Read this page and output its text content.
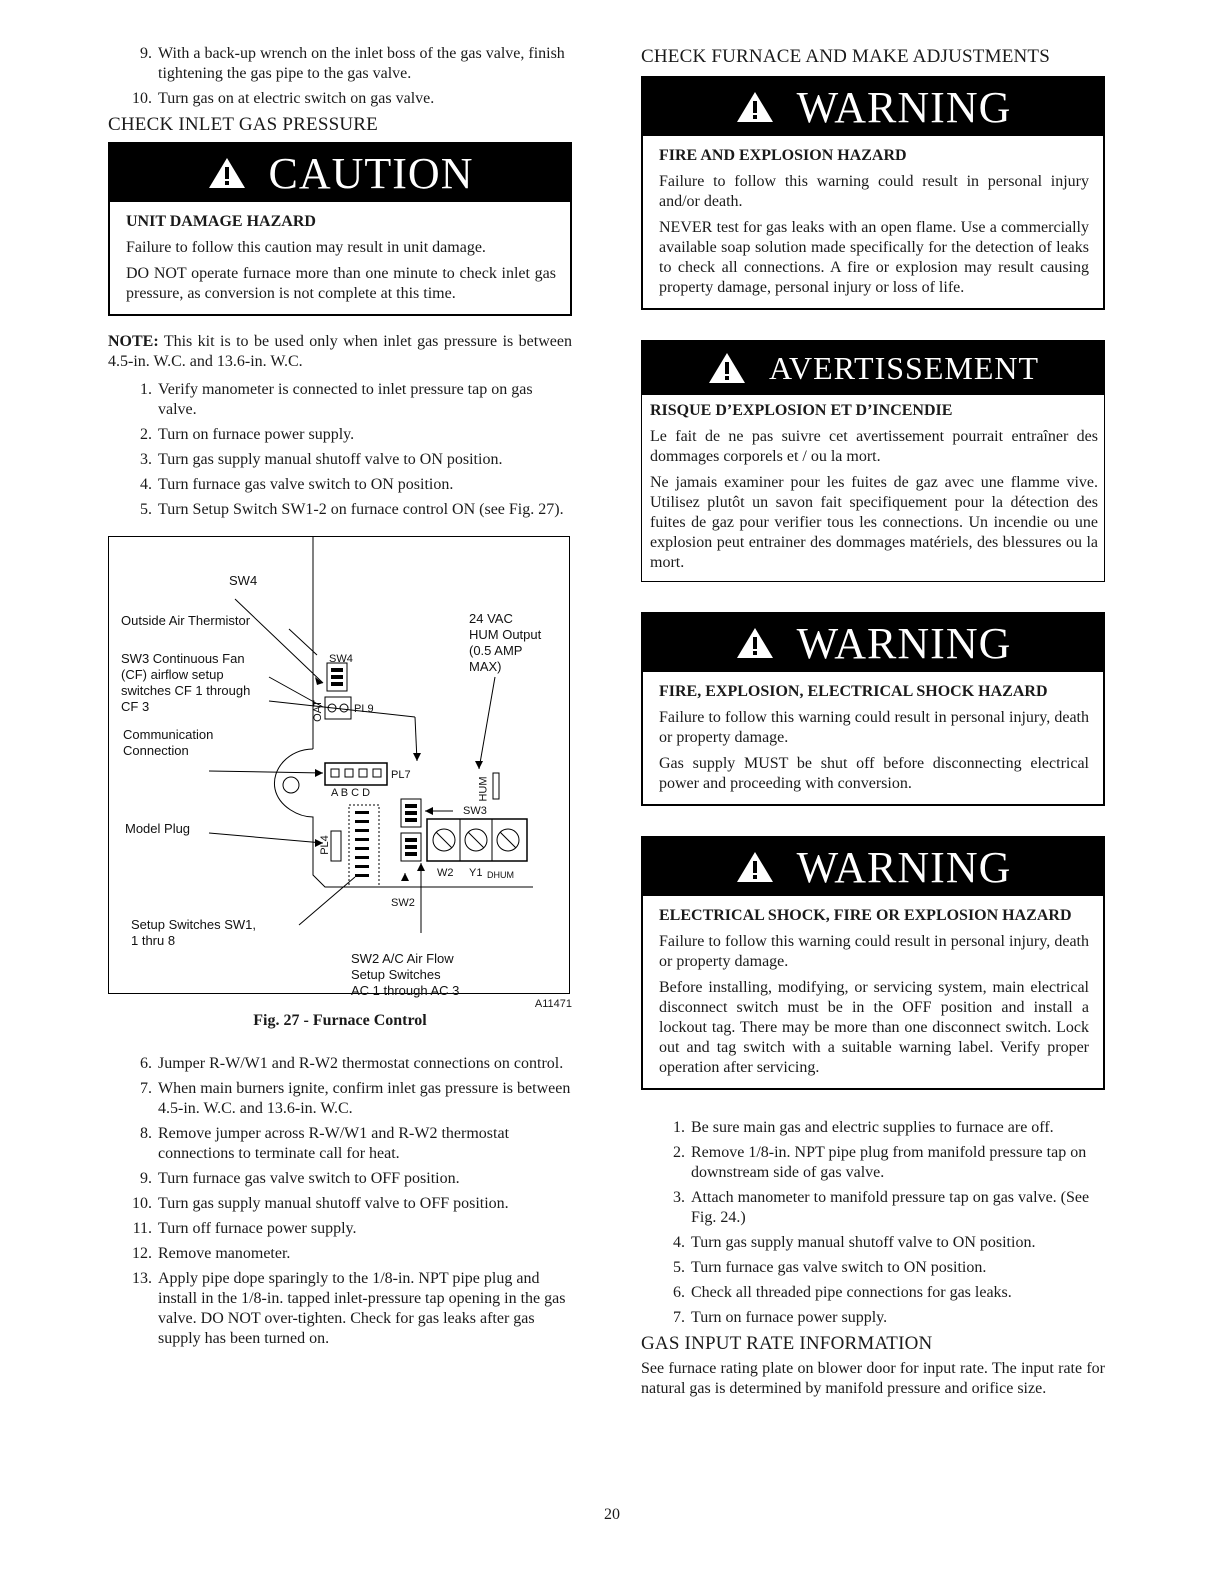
9. With a back-up wrench on the inlet boss of the gas valve, finish tightening the gas pipe to the gas valve.
10. Turn gas on at electric switch on gas valve.
CHECK INLET GAS PRESSURE
CAUTION

UNIT DAMAGE HAZARD

Failure to follow this caution may result in unit damage.

DO NOT operate furnace more than one minute to check inlet gas pressure, as conversion is not complete at this time.

NOTE: This kit is to be used only when inlet gas pressure is between 4.5-in. W.C. and 13.6-in. W.C.

1. Verify manometer is connected to inlet pressure tap on gas valve.
2. Turn on furnace power supply.
3. Turn gas supply manual shutoff valve to ON position.
4. Turn furnace gas valve switch to ON position.
5. Turn Setup Switch SW1-2 on furnace control ON (see Fig. 27).
SW4
Outside Air Thermistor
SW3 Continuous Fan
(CF) airflow setup
switches CF 1 through
CF 3
Communication
Connection
Model Plug
Setup Switches SW1,
1 thru 8
24 VAC
HUM Output
(0.5 AMP
MAX)
SW2 A/C Air Flow
Setup Switches
AC 1 through AC 3
SW4
PL9
OAT
PL7
A B C D	HUM
SW3
PL4
W2 Y1 DHUM
SW2
A11471
Fig. 27 - Furnace Control
6. Jumper R-W/W1 and R-W2 thermostat connections on control.
7. When main burners ignite, confirm inlet gas pressure is between 4.5-in. W.C. and 13.6-in. W.C.
8. Remove jumper across R-W/W1 and R-W2 thermostat connections to terminate call for heat.
9. Turn furnace gas valve switch to OFF position.
10. Turn gas supply manual shutoff valve to OFF position.
11. Turn off furnace power supply.
12. Remove manometer.
13. Apply pipe dope sparingly to the 1/8-in. NPT pipe plug and install in the 1/8-in. tapped inlet-pressure tap opening in the gas valve. DO NOT over-tighten. Check for gas leaks after gas supply has been turned on.
CHECK FURNACE AND MAKE ADJUSTMENTS
WARNING

FIRE AND EXPLOSION HAZARD

Failure to follow this warning could result in personal injury and/or death.

NEVER test for gas leaks with an open flame. Use a commercially available soap solution made specifically for the detection of leaks to check all connections. A fire or explosion may result causing property damage, personal injury or loss of life.

AVERTISSEMENT

RISQUE D’EXPLOSION ET D’INCENDIE

Le fait de ne pas suivre cet avertissement pourrait entraîner des dommages corporels et / ou la mort.

Ne jamais examiner pour les fuites de gaz avec une flamme vive. Utilisez plutôt un savon fait specifiquement pour la détection des fuites de gaz pour verifier tous les connections. Un incendie ou une explosion peut entrainer des dommages matériels, des blessures ou la mort.

WARNING

FIRE, EXPLOSION, ELECTRICAL SHOCK HAZARD

Failure to follow this warning could result in personal injury, death or property damage.

Gas supply MUST be shut off before disconnecting electrical power and proceeding with conversion.

WARNING

ELECTRICAL SHOCK, FIRE OR EXPLOSION HAZARD

Failure to follow this warning could result in personal injury, death or property damage.

Before installing, modifying, or servicing system, main electrical disconnect switch must be in the OFF position and install a lockout tag. There may be more than one disconnect switch. Lock out and tag switch with a suitable warning label. Verify proper operation after servicing.

1. Be sure main gas and electric supplies to furnace are off.
2. Remove 1/8-in. NPT pipe plug from manifold pressure tap on downstream side of gas valve.
3. Attach manometer to manifold pressure tap on gas valve. (See Fig. 24.)
4. Turn gas supply manual shutoff valve to ON position.
5. Turn furnace gas valve switch to ON position.
6. Check all threaded pipe connections for gas leaks.
7. Turn on furnace power supply.
GAS INPUT RATE INFORMATION

See furnace rating plate on blower door for input rate. The input rate for natural gas is determined by manifold pressure and orifice size.

20
